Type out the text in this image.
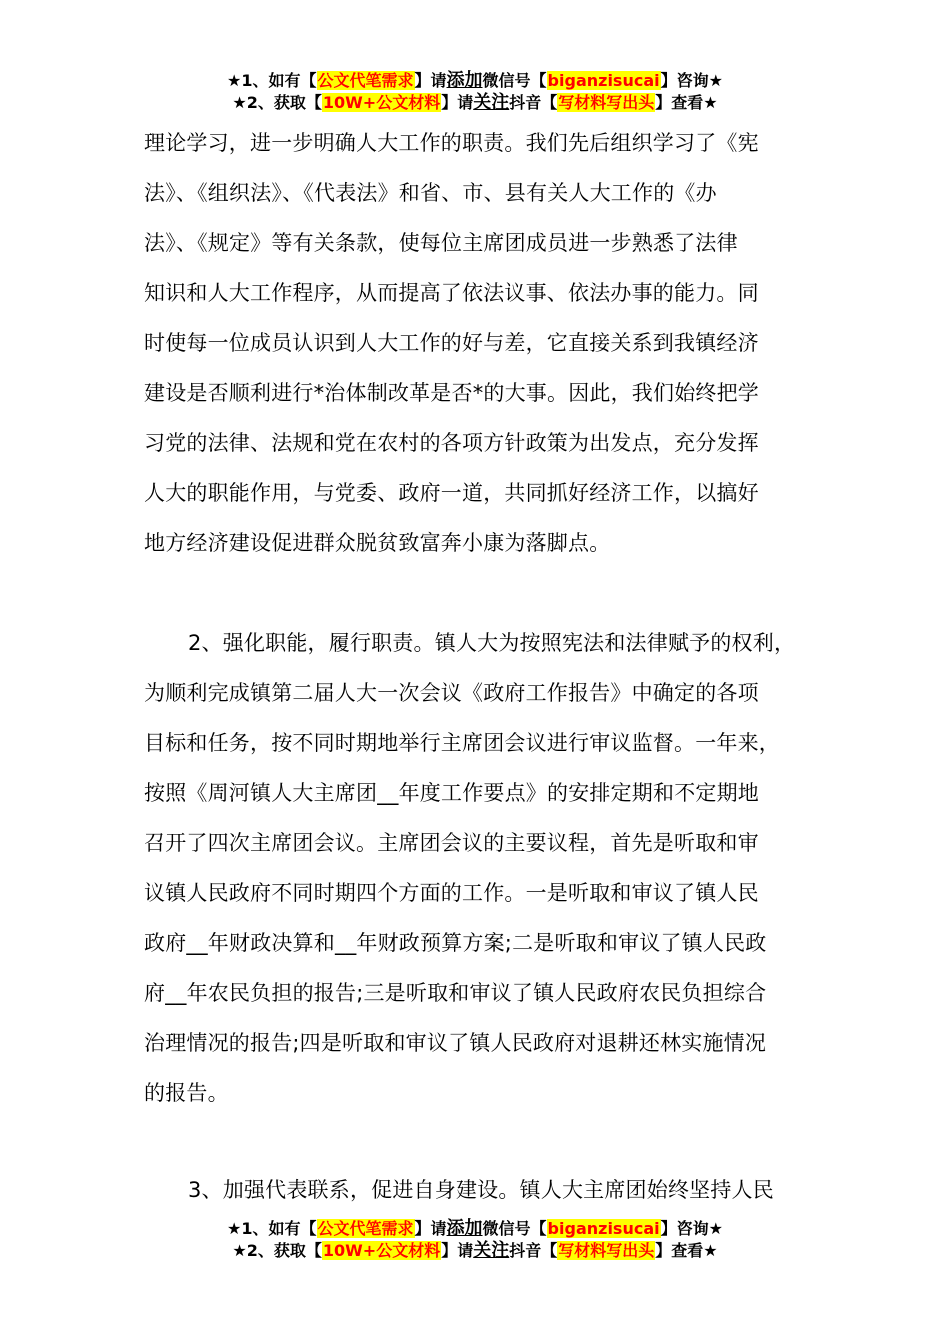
★1、如有【公文代笔需求】请添加微信号【biganzisucai】咨询★
★2、获取【10W+公文材料】请关注抖音【写材料写出头】查看★
理论学习，进一步明确人大工作的职责。我们先后组织学习了《宪
法》、《组织法》、《代表法》和省、市、县有关人大工作的《办
法》、《规定》等有关条款，使每位主席团成员进一步熟悉了法律
知识和人大工作程序，从而提高了依法议事、依法办事的能力。同
时使每一位成员认识到人大工作的好与差，它直接关系到我镇经济
建设是否顺利进行*治体制改革是否*的大事。因此，我们始终把学
习党的法律、法规和党在农村的各项方针政策为出发点，充分发挥
人大的职能作用，与党委、政府一道，共同抓好经济工作，以搞好
地方经济建设促进群众脱贫致富奔小康为落脚点。
2、强化职能，履行职责。镇人大为按照宪法和法律赋予的权利，
为顺利完成镇第二届人大一次会议《政府工作报告》中确定的各项
目标和任务，按不同时期地举行主席团会议进行审议监督。一年来，
按照《周河镇人大主席团__年度工作要点》的安排定期和不定期地
召开了四次主席团会议。主席团会议的主要议程，首先是听取和审
议镇人民政府不同时期四个方面的工作。一是听取和审议了镇人民
政府__年财政决算和__年财政预算方案;二是听取和审议了镇人民政
府__年农民负担的报告;三是听取和审议了镇人民政府农民负担综合
治理情况的报告;四是听取和审议了镇人民政府对退耕还林实施情况
的报告。
3、加强代表联系，促进自身建设。镇人大主席团始终坚持人民
★1、如有【公文代笔需求】请添加微信号【biganzisucai】咨询★
★2、获取【10W+公文材料】请关注抖音【写材料写出头】查看★
